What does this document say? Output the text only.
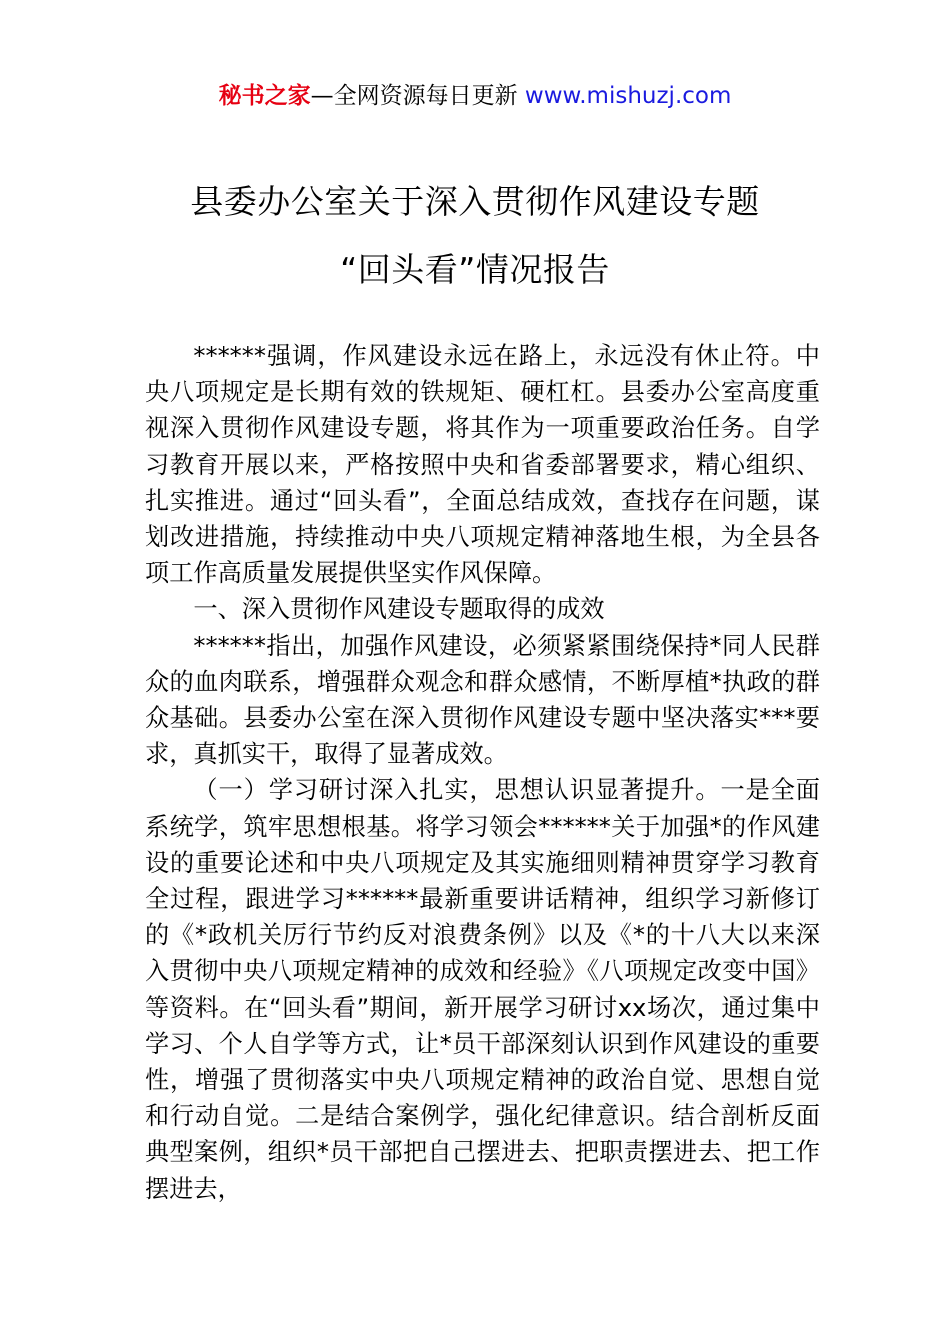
秘书之家—全网资源每日更新 www.mishuzj.com
县委办公室关于深入贯彻作风建设专题
“回头看”情况报告

******强调，作风建设永远在路上，永远没有休止符。中央八项规定是长期有效的铁规矩、硬杠杠。县委办公室高度重视深入贯彻作风建设专题，将其作为一项重要政治任务。自学习教育开展以来，严格按照中央和省委部署要求，精心组织、扎实推进。通过“回头看”，全面总结成效，查找存在问题，谋划改进措施，持续推动中央八项规定精神落地生根，为全县各项工作高质量发展提供坚实作风保障。

一、深入贯彻作风建设专题取得的成效

******指出，加强作风建设，必须紧紧围绕保持*同人民群众的血肉联系，增强群众观念和群众感情，不断厚植*执政的群众基础。县委办公室在深入贯彻作风建设专题中坚决落实***要求，真抓实干，取得了显著成效。

（一）学习研讨深入扎实，思想认识显著提升。一是全面系统学，筑牢思想根基。将学习领会******关于加强*的作风建设的重要论述和中央八项规定及其实施细则精神贯穿学习教育全过程，跟进学习******最新重要讲话精神，组织学习新修订的《*政机关厉行节约反对浪费条例》以及《*的十八大以来深入贯彻中央八项规定精神的成效和经验》《八项规定改变中国》等资料。在“回头看”期间，新开展学习研讨xx场次，通过集中学习、个人自学等方式，让*员干部深刻认识到作风建设的重要性，增强了贯彻落实中央八项规定精神的政治自觉、思想自觉和行动自觉。二是结合案例学，强化纪律意识。结合剖析反面典型案例，组织*员干部把自己摆进去、把职责摆进去、把工作摆进去，
